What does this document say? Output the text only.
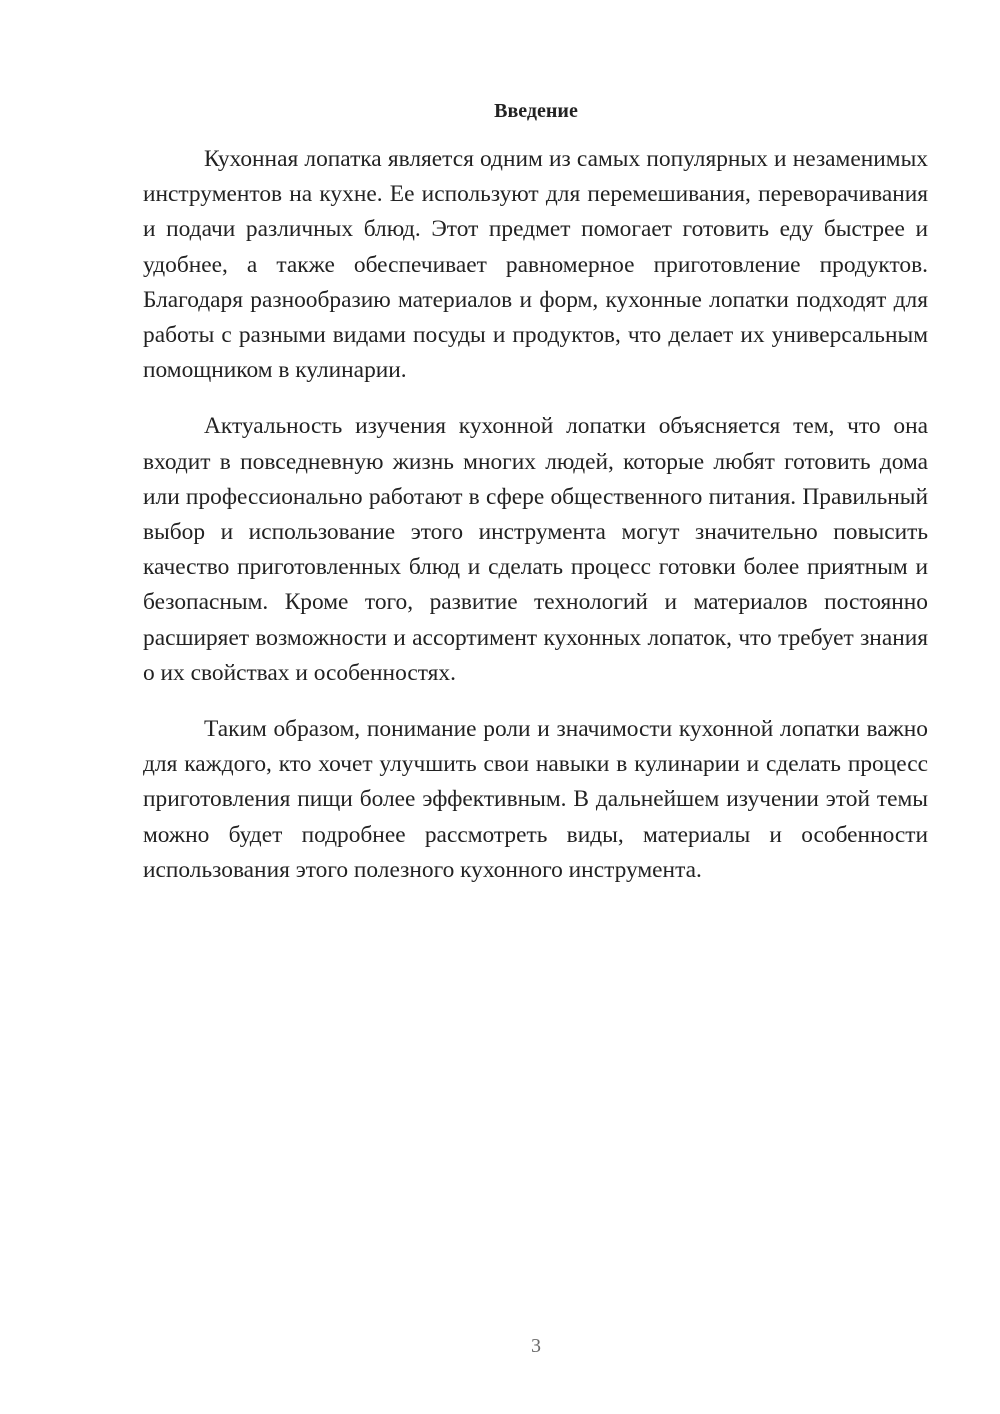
Введение

Кухонная лопатка является одним из самых популярных и незаменимых инструментов на кухне. Ее используют для перемешивания, переворачивания и подачи различных блюд. Этот предмет помогает готовить еду быстрее и удобнее, а также обеспечивает равномерное приготовление продуктов. Благодаря разнообразию материалов и форм, кухонные лопатки подходят для работы с разными видами посуды и продуктов, что делает их универсальным помощником в кулинарии.

Актуальность изучения кухонной лопатки объясняется тем, что она входит в повседневную жизнь многих людей, которые любят готовить дома или профессионально работают в сфере общественного питания. Правильный выбор и использование этого инструмента могут значительно повысить качество приготовленных блюд и сделать процесс готовки более приятным и безопасным. Кроме того, развитие технологий и материалов постоянно расширяет возможности и ассортимент кухонных лопаток, что требует знания о их свойствах и особенностях.

Таким образом, понимание роли и значимости кухонной лопатки важно для каждого, кто хочет улучшить свои навыки в кулинарии и сделать процесс приготовления пищи более эффективным. В дальнейшем изучении этой темы можно будет подробнее рассмотреть виды, материалы и особенности использования этого полезного кухонного инструмента.

3
